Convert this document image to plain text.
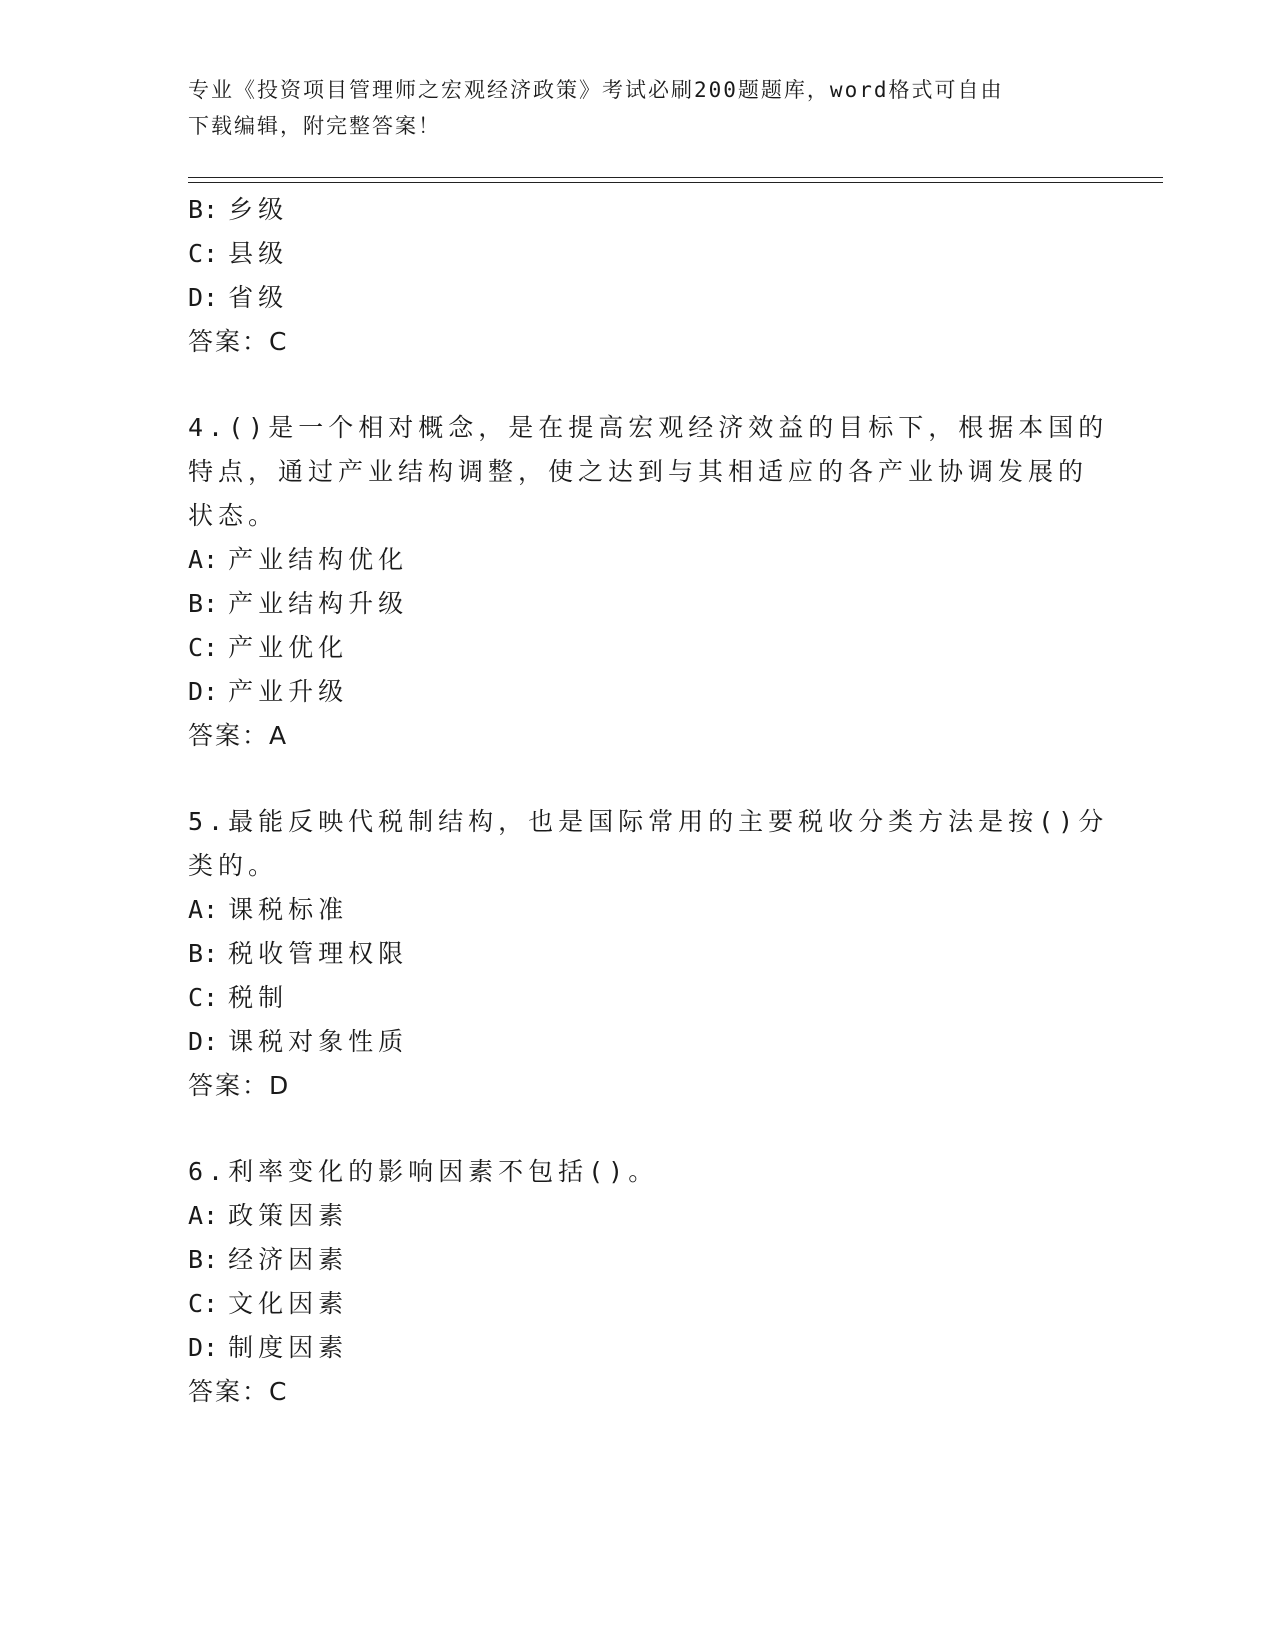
专业《投资项目管理师之宏观经济政策》考试必刷200题题库，word格式可自由
下载编辑，附完整答案！
B: 乡级
C: 县级
D: 省级
答案：C
4.()是一个相对概念，是在提高宏观经济效益的目标下，根据本国的
特点，通过产业结构调整，使之达到与其相适应的各产业协调发展的
状态。
A: 产业结构优化
B: 产业结构升级
C: 产业优化
D: 产业升级
答案：A
5.最能反映代税制结构，也是国际常用的主要税收分类方法是按()分
类的。
A: 课税标准
B: 税收管理权限
C: 税制
D: 课税对象性质
答案：D
6.利率变化的影响因素不包括()。
A: 政策因素
B: 经济因素
C: 文化因素
D: 制度因素
答案：C
